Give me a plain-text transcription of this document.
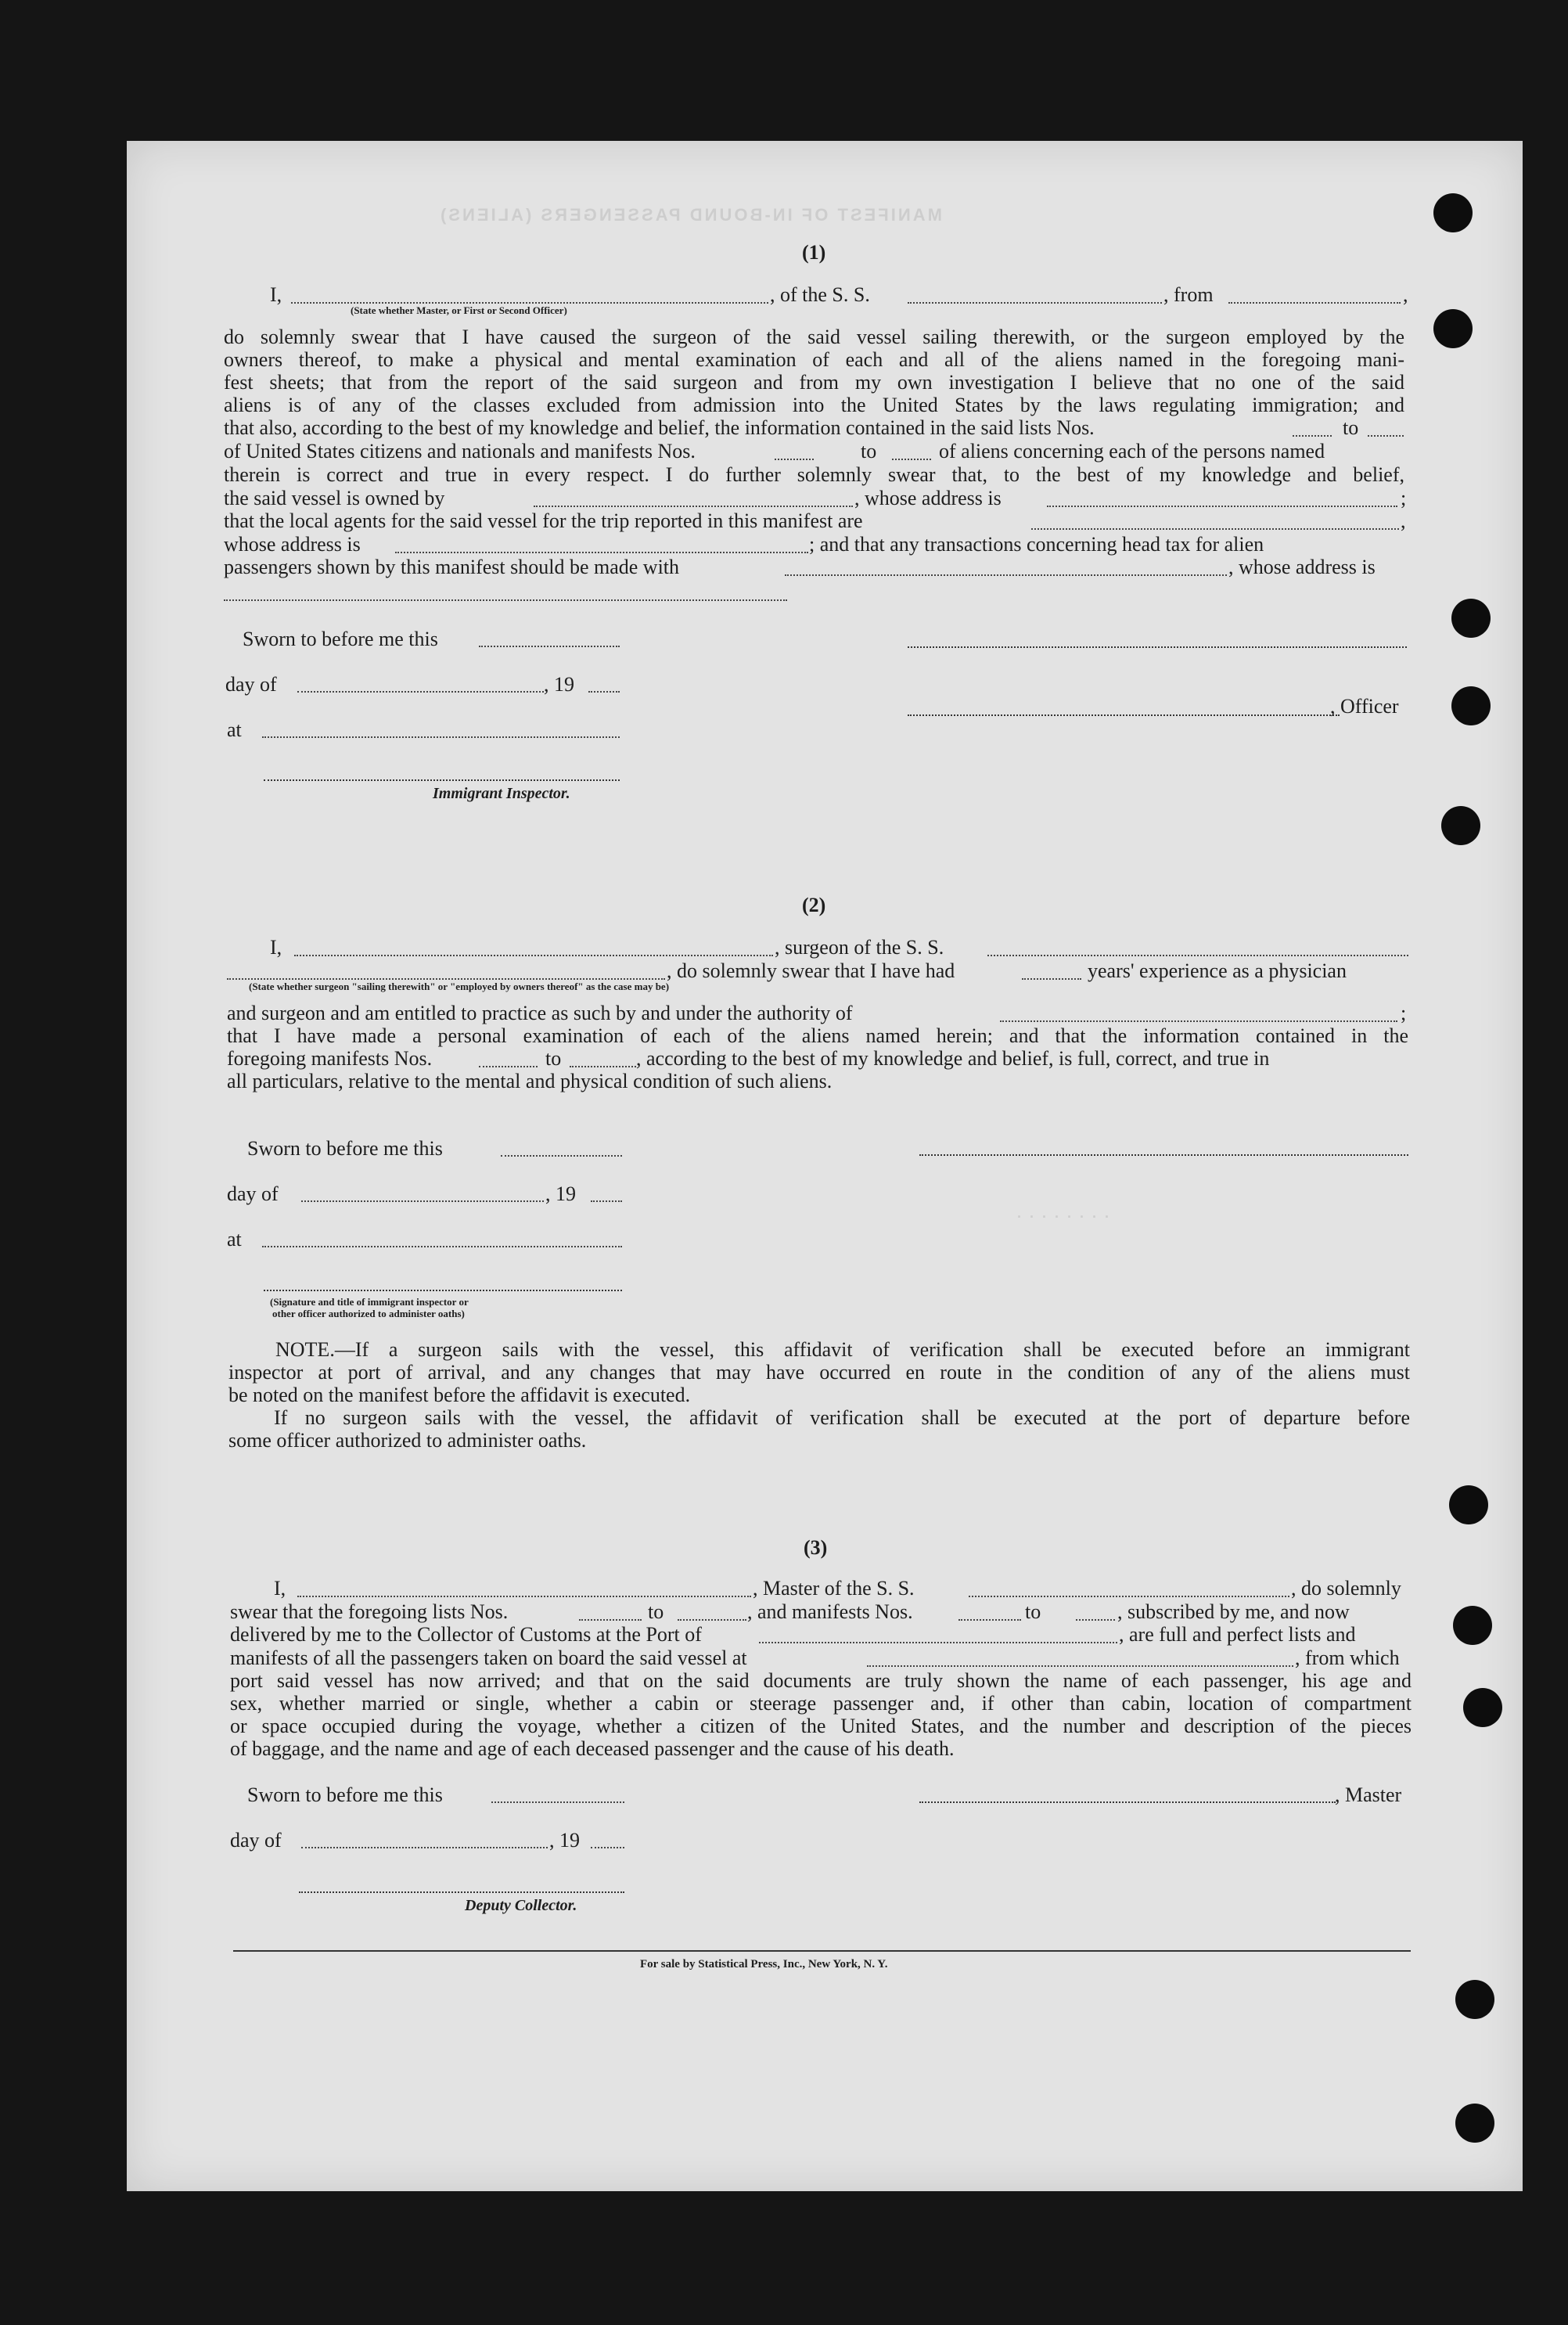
MANIFEST OF IN-BOUND PASSENGERS (ALIENS)
. . . . . . . .
(1)
I,	, of the S. S.	, from	,
(State whether Master, or First or Second Officer)
do solemnly swear that I have caused the surgeon of the said vessel sailing therewith, or the surgeon employed by the
owners thereof, to make a physical and mental examination of each and all of the aliens named in the foregoing mani-
fest sheets; that from the report of the said surgeon and from my own investigation I believe that no one of the said
aliens is of any of the classes excluded from admission into the United States by the laws regulating immigration; and
that also, according to the best of my knowledge and belief, the information contained in the said lists Nos.	to
of United States citizens and nationals and manifests Nos.	to	of aliens concerning each of the persons named
therein is correct and true in every respect. I do further solemnly swear that, to the best of my knowledge and belief,
the said vessel is owned by	, whose address is	;
that the local agents for the said vessel for the trip reported in this manifest are	,
whose address is	; and that any transactions concerning head tax for alien
passengers shown by this manifest should be made with	, whose address is
Sworn to before me this
day of	, 19
, Officer
at
Immigrant Inspector.
(2)
I,	, surgeon of the S. S.
, do solemnly swear that I have had	years' experience as a physician
(State whether surgeon "sailing therewith" or "employed by owners thereof" as the case may be)
and surgeon and am entitled to practice as such by and under the authority of	;
that I have made a personal examination of each of the aliens named herein; and that the information contained in the
foregoing manifests Nos.	to	, according to the best of my knowledge and belief, is full, correct, and true in
all particulars, relative to the mental and physical condition of such aliens.
Sworn to before me this
day of	, 19
at
(Signature and title of immigrant inspector or
other officer authorized to administer oaths)
NOTE.—If a surgeon sails with the vessel, this affidavit of verification shall be executed before an immigrant
inspector at port of arrival, and any changes that may have occurred en route in the condition of any of the aliens must
be noted on the manifest before the affidavit is executed.
If no surgeon sails with the vessel, the affidavit of verification shall be executed at the port of departure before
some officer authorized to administer oaths.
(3)
I,	, Master of the S. S.	, do solemnly
swear that the foregoing lists Nos.	to	, and manifests Nos.	to	, subscribed by me, and now
delivered by me to the Collector of Customs at the Port of	, are full and perfect lists and
manifests of all the passengers taken on board the said vessel at	, from which
port said vessel has now arrived; and that on the said documents are truly shown the name of each passenger, his age and
sex, whether married or single, whether a cabin or steerage passenger and, if other than cabin, location of compartment
or space occupied during the voyage, whether a citizen of the United States, and the number and description of the pieces
of baggage, and the name and age of each deceased passenger and the cause of his death.
Sworn to before me this	, Master
day of	, 19
Deputy Collector.
For sale by Statistical Press, Inc., New York, N. Y.
